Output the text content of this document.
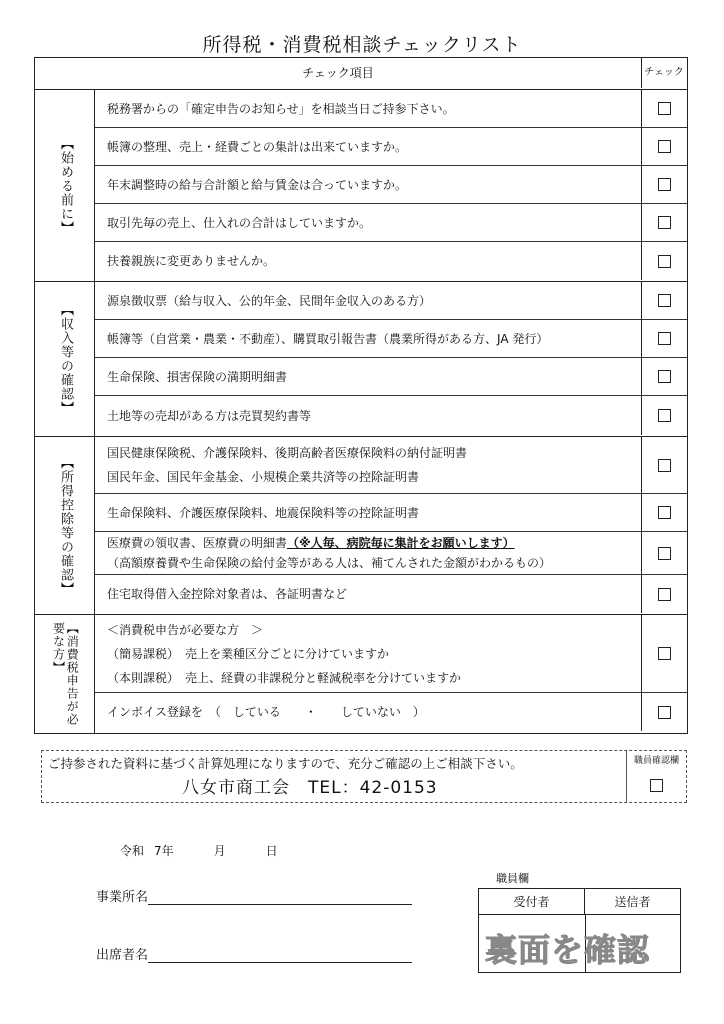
所得税・消費税相談チェックリスト
チェック項目	チェック
【始める前に】
税務署からの「確定申告のお知らせ」を相談当日ご持参下さい。
帳簿の整理、売上・経費ごとの集計は出来ていますか。
年末調整時の給与合計額と給与賃金は合っていますか。
取引先毎の売上、仕入れの合計はしていますか。
扶養親族に変更ありませんか。
【収入等の確認】
源泉徴収票（給与収入、公的年金、民間年金収入のある方）
帳簿等（自営業・農業・不動産）、購買取引報告書（農業所得がある方、JA 発行）
生命保険、損害保険の満期明細書
土地等の売却がある方は売買契約書等
【所得控除等の確認】
国民健康保険税、介護保険料、後期高齢者医療保険料の納付証明書
国民年金、国民年金基金、小規模企業共済等の控除証明書
生命保険料、介護医療保険料、地震保険料等の控除証明書
医療費の領収書、医療費の明細書（※人毎、病院毎に集計をお願いします）
（高額療養費や生命保険の給付金等がある人は、補てんされた金額がわかるもの）
住宅取得借入金控除対象者は、各証明書など
【消費税申告が必要な方】	＜消費税申告が必要な方　＞
（簡易課税）　売上を業種区分ごとに分けていますか
（本則課税）　売上、経費の非課税分と軽減税率を分けていますか
インボイス登録を　（　している　　・　　していない　）
ご持参された資料に基づく計算処理になりますので、充分ご確認の上ご相談下さい。
八女市商工会　TEL：42-0153
職員確認欄
令和 7年	月	日
事業所名
出席者名
職員欄
受付者	送信者
裏面を確認
